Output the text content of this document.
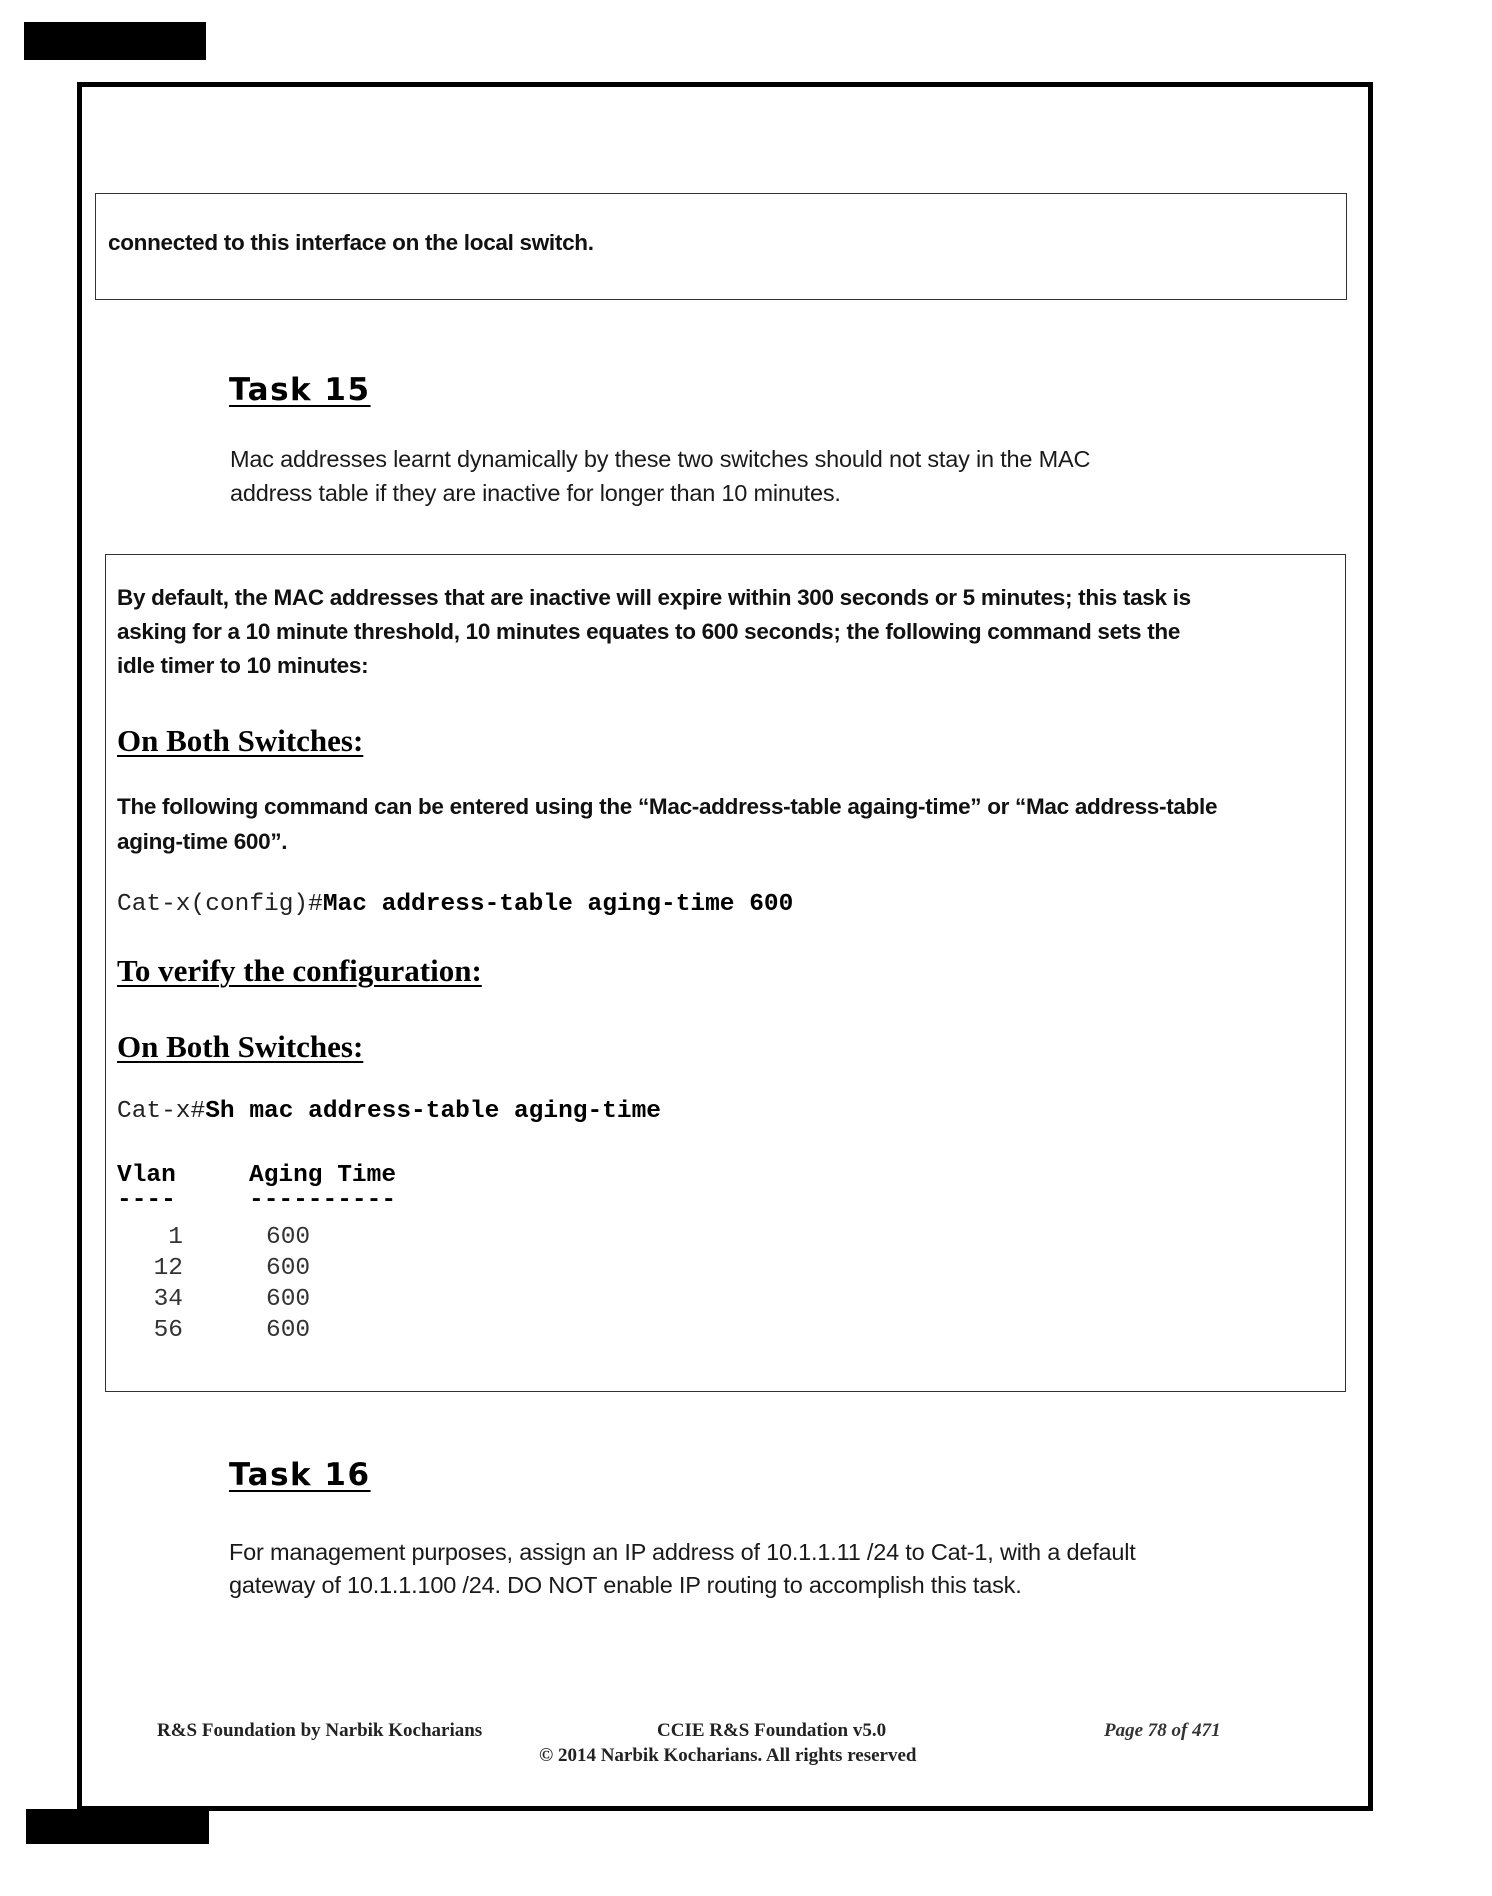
connected to this interface on the local switch.
Task 15
Mac addresses learnt dynamically by these two switches should not stay in the MAC
address table if they are inactive for longer than 10 minutes.
By default, the MAC addresses that are inactive will expire within 300 seconds or 5 minutes; this task is
asking for a 10 minute threshold, 10 minutes equates to 600 seconds; the following command sets the
idle timer to 10 minutes:
On Both Switches:
The following command can be entered using the “Mac-address-table againg-time” or “Mac address-table
aging-time 600”.
Cat-x(config)#Mac address-table aging-time 600
To verify the configuration:
On Both Switches:
Cat-x#Sh mac address-table aging-time
Vlan	Aging Time
----	----------
1	600
12	600
34	600
56	600
Task 16
For management purposes, assign an IP address of 10.1.1.11 /24 to Cat-1, with a default
gateway of 10.1.1.100 /24. DO NOT enable IP routing to accomplish this task.
R&S Foundation by Narbik Kocharians	CCIE R&S Foundation v5.0	Page 78 of 471
© 2014 Narbik Kocharians. All rights reserved
